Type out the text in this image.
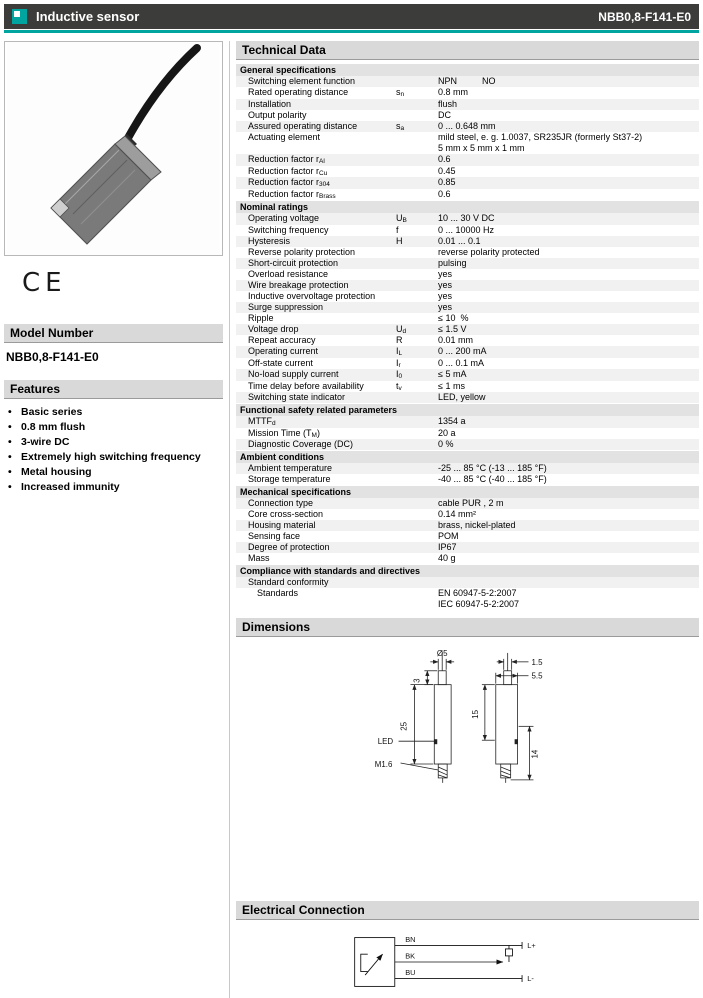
Inductive sensor	NBB0,8-F141-E0
CE
Model Number
NBB0,8-F141-E0
Features
• Basic series
• 0.8 mm flush
• 3-wire DC
• Extremely high switching frequency
• Metal housing
• Increased immunity
Technical Data
General specifications
Switching element function	NPN          NO
Rated operating distance	$s_n$	0.8 mm
Installation	flush
Output polarity	DC
Assured operating distance	$s_a$	0 ... 0.648 mm
Actuating element	mild steel, e. g. 1.0037, SR235JR (formerly St37-2)
5 mm x 5 mm x 1 mm
Reduction factor $r_{Al}$	0.6
Reduction factor $r_{Cu}$	0.45
Reduction factor $r_{304}$	0.85
Reduction factor $r_{Brass}$	0.6
Nominal ratings
Operating voltage	$U_B$	10 ... 30 V DC
Switching frequency	f	0 ... 10000 Hz
Hysteresis	H	0.01 ... 0.1
Reverse polarity protection	reverse polarity protected
Short-circuit protection	pulsing
Overload resistance	yes
Wire breakage protection	yes
Inductive overvoltage protection	yes
Surge suppression	yes
Ripple	≤ 10  %
Voltage drop	$U_d$	≤ 1.5 V
Repeat accuracy	R	0.01 mm
Operating current	$I_L$	0 ... 200 mA
Off-state current	$I_r$	0 ... 0.1 mA
No-load supply current	$I_0$	≤ 5 mA
Time delay before availability	$t_v$	≤ 1 ms
Switching state indicator	LED, yellow
Functional safety related parameters
$MTTF_d$	1354 a
Mission Time $(T_M)$	20 a
Diagnostic Coverage (DC)	0 %
Ambient conditions
Ambient temperature	-25 ... 85 °C (-13 ... 185 °F)
Storage temperature	-40 ... 85 °C (-40 ... 185 °F)
Mechanical specifications
Connection type	cable PUR , 2 m
Core cross-section	0.14 mm²
Housing material	brass, nickel-plated
Sensing face	POM
Degree of protection	IP67
Mass	40 g
Compliance with standards and directives
Standard conformity
Standards	EN 60947-5-2:2007
IEC 60947-5-2:2007
Dimensions
Ø5
3
25
1.5
5.5
15
14
LED
M1.6
Electrical Connection
BN
BK
BU
L+
L-
